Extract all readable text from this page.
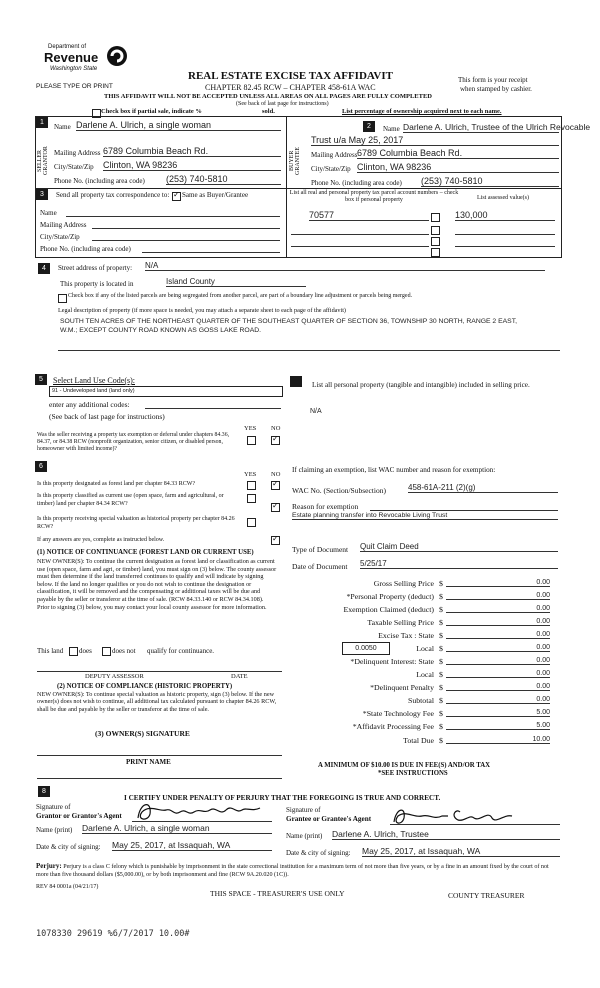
Department of
Revenue
Washington State
PLEASE TYPE OR PRINT
REAL ESTATE EXCISE TAX AFFIDAVIT
CHAPTER 82.45 RCW – CHAPTER 458-61A WAC
THIS AFFIDAVIT WILL NOT BE ACCEPTED UNLESS ALL AREAS ON ALL PAGES ARE FULLY COMPLETED
This form is your receipt
when stamped by cashier.
(See back of last page for instructions)
Check box if partial sale, indicate %	sold.	List percentage of ownership acquired next to each name.
1
SELLER GRANTOR
Name Darlene A. Ulrich, a single woman
Mailing Address 6789 Columbia Beach Rd.
City/State/Zip Clinton, WA 98236
Phone No. (including area code) (253) 740-5810
2
BUYER GRANTEE
Name Darlene A. Ulrich, Trustee of the Ulrich Revocable
Trust u/a May 25, 2017
Mailing Address 6789 Columbia Beach Rd.
City/State/Zip Clinton, WA 98236
Phone No. (including area code) (253) 740-5810
3	Send all property tax correspondence to:
✓ Same as Buyer/Grantee
Name
Mailing Address
City/State/Zip
Phone No. (including area code)
List all real and personal property tax parcel account numbers – check box if personal property	List assessed value(s)
70577	130,000
4	Street address of property: N/A
This property is located in	Island County
Check box if any of the listed parcels are being segregated from another parcel, are part of a boundary line adjustment or parcels being merged.
Legal description of property (if more space is needed, you may attach a separate sheet to each page of the affidavit)
SOUTH TEN ACRES OF THE NORTHEAST QUARTER OF THE SOUTHEAST QUARTER OF SECTION 36, TOWNSHIP 30 NORTH, RANGE 2 EAST, W.M.; EXCEPT COUNTY ROAD KNOWN AS GOSS LAKE ROAD.
5	Select Land Use Code(s):
91 - Undeveloped land (land only)
enter any additional codes:
(See back of last page for instructions)
YES NO
Was the seller receiving a property tax exemption or deferral under chapters 84.36, 84.37, or 84.38 RCW (nonprofit organization, senior citizen, or disabled person, homeowner with limited income)?
✓
List all personal property (tangible and intangible) included in selling price.
N/A
6
YES NO
Is this property designated as forest land per chapter 84.33 RCW?
✓
Is this property classified as current use (open space, farm and agricultural, or timber) land per chapter 84.34 RCW?
✓
Is this property receiving special valuation as historical property per chapter 84.26 RCW?
✓
If any answers are yes, complete as instructed below.
(1) NOTICE OF CONTINUANCE (FOREST LAND OR CURRENT USE)
NEW OWNER(S): To continue the current designation as forest land or classification as current use (open space, farm and agri, or timber) land, you must sign on (3) below. The county assessor must then determine if the land transferred continues to qualify and will indicate by signing below. If the land no longer qualifies or you do not wish to continue the designation or classification, it will be removed and the compensating or additional taxes will be due and payable by the seller or transferor at the time of sale. (RCW 84.33.140 or RCW 84.34.108). Prior to signing (3) below, you may contact your local county assessor for more information.
This land does	does not qualify for continuance.
DEPUTY ASSESSOR	DATE
(2) NOTICE OF COMPLIANCE (HISTORIC PROPERTY)
NEW OWNER(S): To continue special valuation as historic property, sign (3) below. If the new owner(s) does not wish to continue, all additional tax calculated pursuant to chapter 84.26 RCW, shall be due and payable by the seller or transferor at the time of sale.
(3) OWNER(S) SIGNATURE
PRINT NAME
If claiming an exemption, list WAC number and reason for exemption:
WAC No. (Section/Subsection)	458-61A-211 (2)(g)
Reason for exemption
Estate planning transfer into Revocable Living Trust
Type of Document Quit Claim Deed
Date of Document 5/25/17
Gross Selling Price $	0.00
*Personal Property (deduct) $	0.00
Exemption Claimed (deduct) $	0.00
Taxable Selling Price $	0.00
Excise Tax : State $	0.00
0.0050	Local $	0.00
*Delinquent Interest: State $	0.00
Local $	0.00
*Delinquent Penalty $	0.00
Subtotal $	0.00
*State Technology Fee $	5.00
*Affidavit Processing Fee $	5.00
Total Due $	10.00
A MINIMUM OF $10.00 IS DUE IN FEE(S) AND/OR TAX
*SEE INSTRUCTIONS
8
I CERTIFY UNDER PENALTY OF PERJURY THAT THE FOREGOING IS TRUE AND CORRECT.
Signature of
Grantor or Grantor's Agent
Name (print) Darlene A. Ulrich, a single woman
Date & city of signing: May 25, 2017, at Issaquah, WA
Signature of
Grantee or Grantee's Agent
Name (print) Darlene A. Ulrich, Trustee
Date & city of signing: May 25, 2017, at Issaquah, WA
Perjury: Perjury is a class C felony which is punishable by imprisonment in the state correctional institution for a maximum term of not more than five years, or by a fine in an amount fixed by the court of not more than five thousand dollars ($5,000.00), or by both imprisonment and fine (RCW 9A.20.020 (1C)).
REV 84 0001a (04/21/17)
THIS SPACE - TREASURER'S USE ONLY	COUNTY TREASURER
1078330 29619 %6/7/2017 10.00#
